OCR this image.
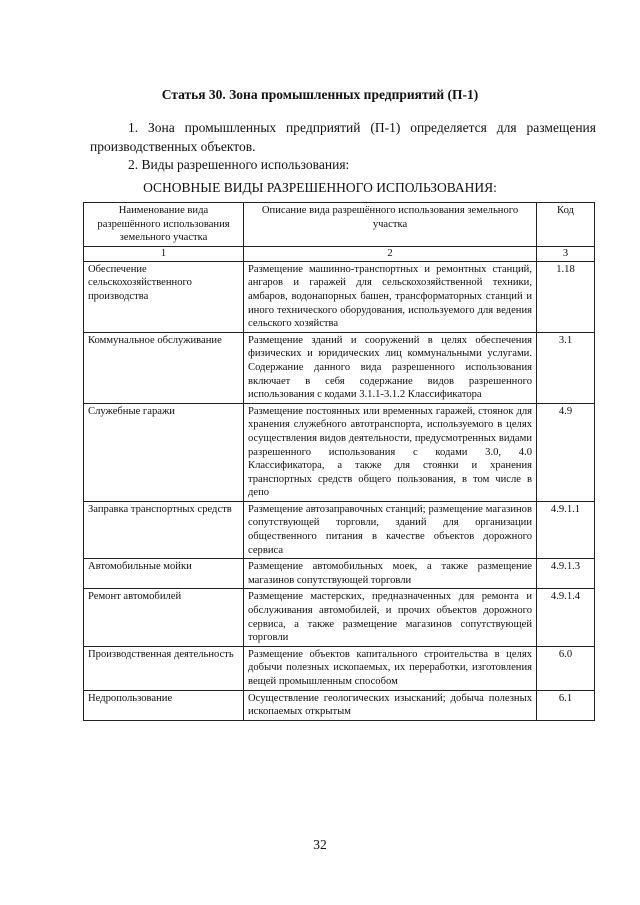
Статья 30. Зона промышленных предприятий (П-1)
1. Зона промышленных предприятий (П-1) определяется для размещения производственных объектов.
2. Виды разрешенного использования:
ОСНОВНЫЕ ВИДЫ РАЗРЕШЕННОГО ИСПОЛЬЗОВАНИЯ:
Наименование вида разрешённого использования земельного участка	Описание вида разрешённого использования земельного участка	Код
1	2	3
Обеспечение сельскохозяйственного производства	Размещение машинно-транспортных и ремонтных станций, ангаров и гаражей для сельскохозяйственной техники, амбаров, водонапорных башен, трансформаторных станций и иного технического оборудования, используемого для ведения сельского хозяйства	1.18
Коммунальное обслуживание	Размещение зданий и сооружений в целях обеспечения физических и юридических лиц коммунальными услугами. Содержание данного вида разрешенного использования включает в себя содержание видов разрешенного использования с кодами 3.1.1-3.1.2 Классификатора	3.1
Служебные гаражи	Размещение постоянных или временных гаражей, стоянок для хранения служебного автотранспорта, используемого в целях осуществления видов деятельности, предусмотренных видами разрешенного использования с кодами 3.0, 4.0 Классификатора, а также для стоянки и хранения транспортных средств общего пользования, в том числе в депо	4.9
Заправка транспортных средств	Размещение автозаправочных станций; размещение магазинов сопутствующей торговли, зданий для организации общественного питания в качестве объектов дорожного сервиса	4.9.1.1
Автомобильные мойки	Размещение автомобильных моек, а также размещение магазинов сопутствующей торговли	4.9.1.3
Ремонт автомобилей	Размещение мастерских, предназначенных для ремонта и обслуживания автомобилей, и прочих объектов дорожного сервиса, а также размещение магазинов сопутствующей торговли	4.9.1.4
Производственная деятельность	Размещение объектов капитального строительства в целях добычи полезных ископаемых, их переработки, изготовления вещей промышленным способом	6.0
Недропользование	Осуществление геологических изысканий; добыча полезных ископаемых открытым	6.1
32
